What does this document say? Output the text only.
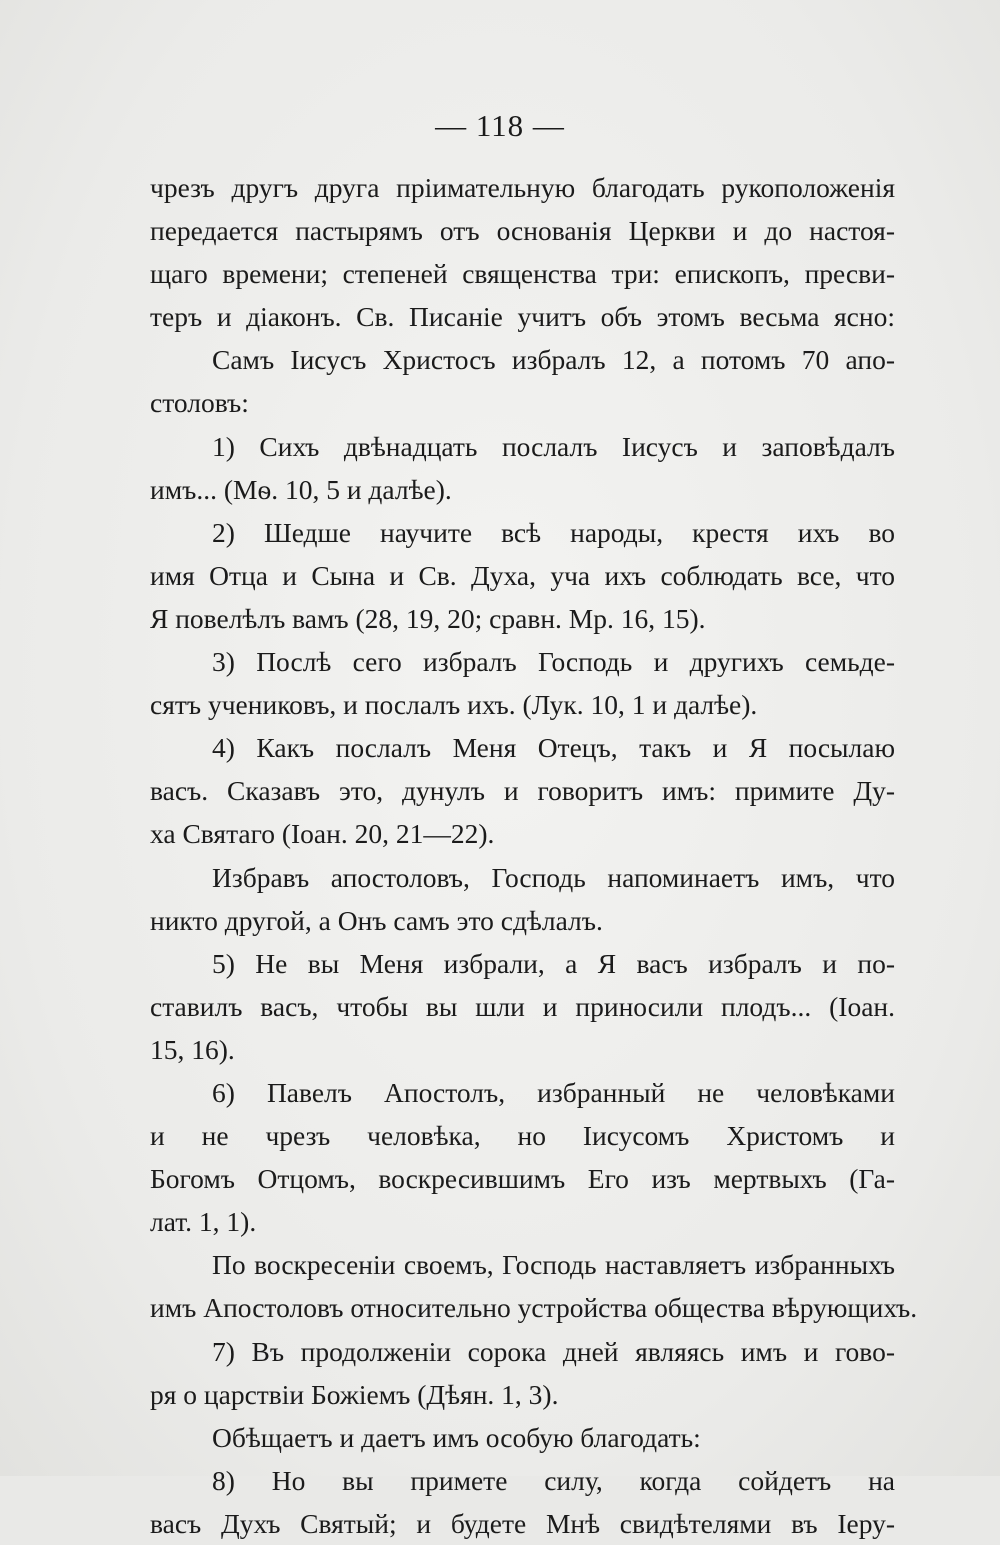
— 118 —
чрезъ другъ друга пріимательную благодать рукоположенія
передается пастырямъ отъ основанія Церкви и до настоя-
щаго времени; степеней священства три: епископъ, пресви-
теръ и діаконъ. Св. Писаніе учитъ объ этомъ весьма ясно:
Самъ Іисусъ Христосъ избралъ 12, а потомъ 70 апо-
столовъ:
1) Сихъ двѣнадцать послалъ Іисусъ и заповѣдалъ
имъ... (Мѳ. 10, 5 и далѣе).
2) Шедше научите всѣ народы, крестя ихъ во
имя Отца и Сына и Св. Духа, уча ихъ соблюдать все, что
Я повелѣлъ вамъ (28, 19, 20; сравн. Мр. 16, 15).
3) Послѣ сего избралъ Господь и другихъ семьде-
сятъ учениковъ, и послалъ ихъ. (Лук. 10, 1 и далѣе).
4) Какъ послалъ Меня Отецъ, такъ и Я посылаю
васъ. Сказавъ это, дунулъ и говоритъ имъ: примите Ду-
ха Святаго (Іоан. 20, 21—22).
Избравъ апостоловъ, Господь напоминаетъ имъ, что
никто другой, а Онъ самъ это сдѣлалъ.
5) Не вы Меня избрали, а Я васъ избралъ и по-
ставилъ васъ, чтобы вы шли и приносили плодъ... (Іоан.
15, 16).
6) Павелъ Апостолъ, избранный не человѣками
и не чрезъ человѣка, но Іисусомъ Христомъ и
Богомъ Отцомъ, воскресившимъ Его изъ мертвыхъ (Га-
лат. 1, 1).
По воскресеніи своемъ, Господь наставляетъ избранныхъ
имъ Апостоловъ относительно устройства общества вѣрующихъ.
7) Въ продолженіи сорока дней являясь имъ и гово-
ря о царствіи Божіемъ (Дѣян. 1, 3).
Обѣщаетъ и даетъ имъ особую благодать:
8) Но вы примете силу, когда сойдетъ на
васъ Духъ Святый; и будете Мнѣ свидѣтелями въ Іеру-
